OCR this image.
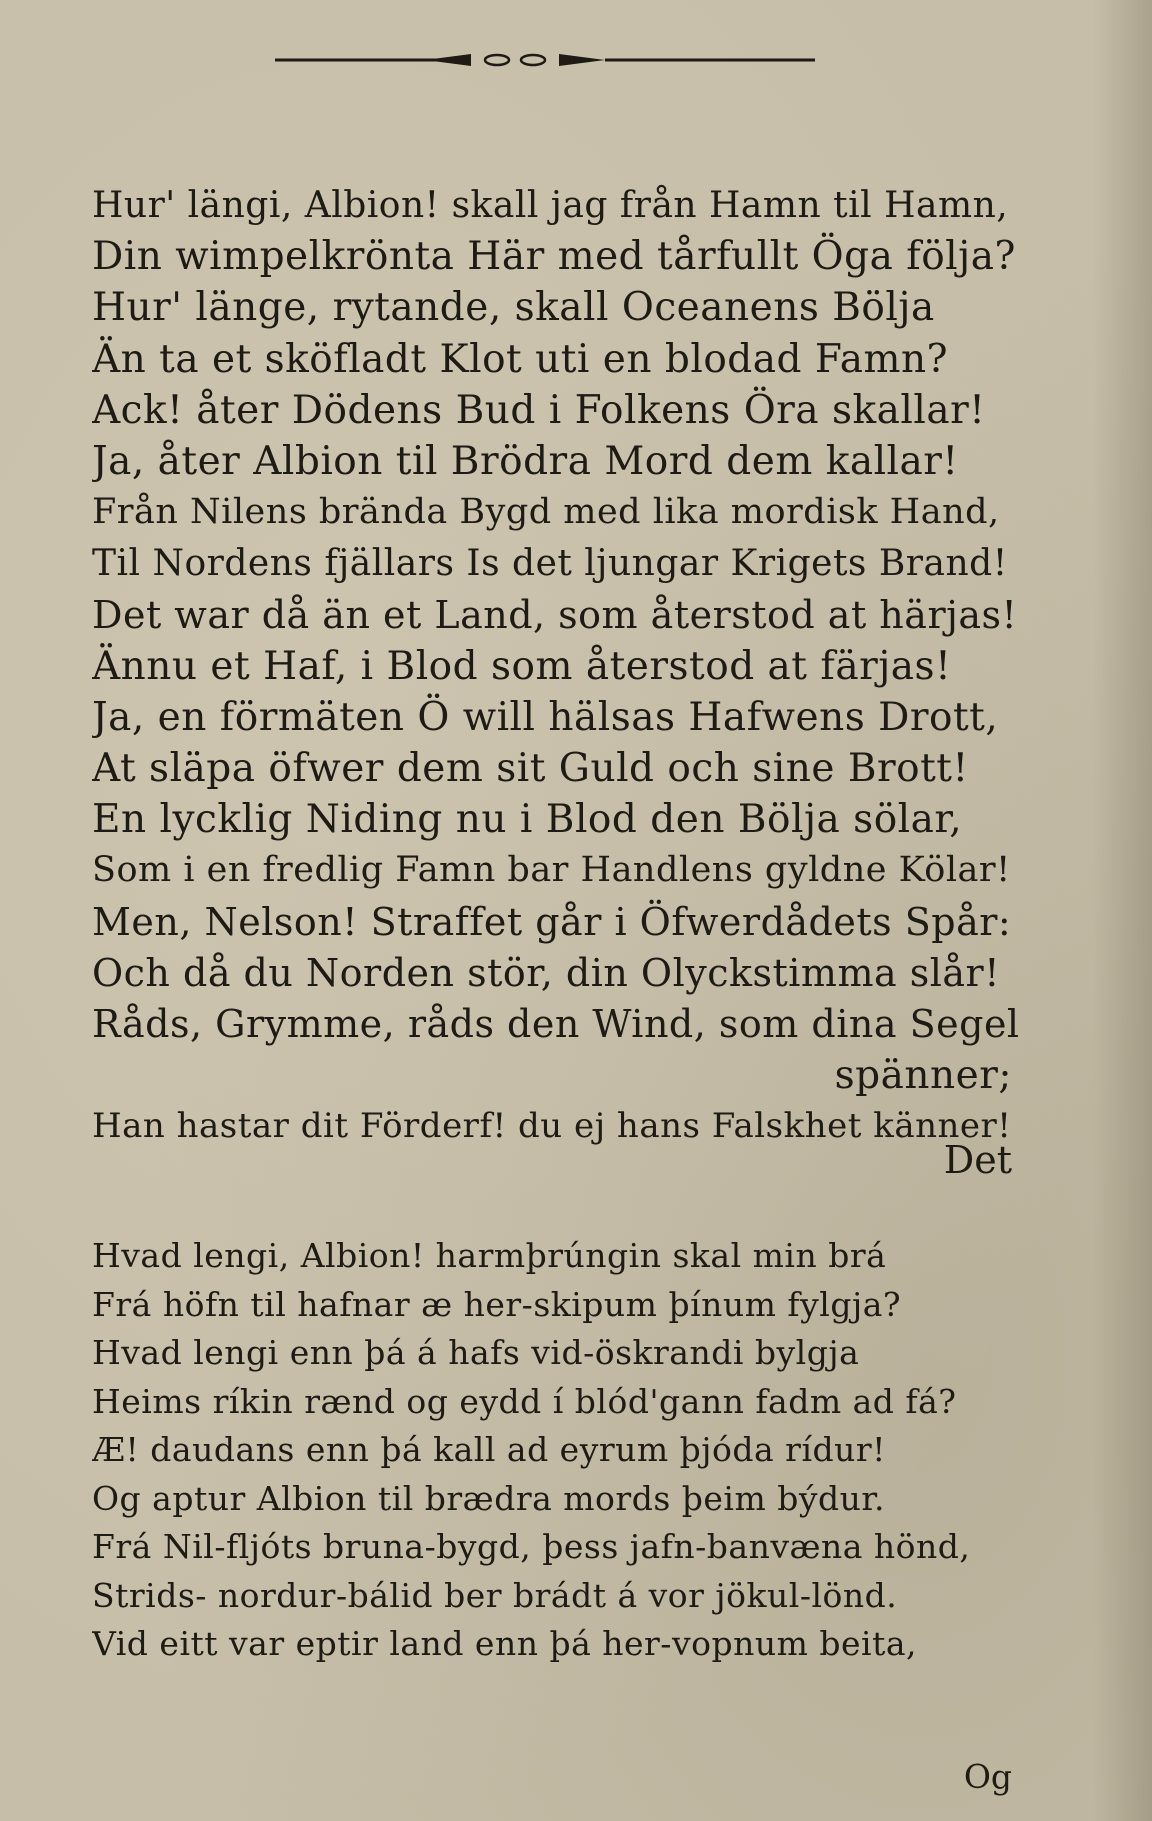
Hur' längi, Albion! skall jag från Hamn til Hamn,
Din wimpelkrönta Här med tårfullt Öga följa?
Hur' länge, rytande, skall Oceanens Bölja
Än ta et sköfladt Klot uti en blodad Famn?
Ack! åter Dödens Bud i Folkens Öra skallar!
Ja, åter Albion til Brödra Mord dem kallar!
Från Nilens brända Bygd med lika mordisk Hand,
Til Nordens fjällars Is det ljungar Krigets Brand!
Det war då än et Land, som återstod at härjas!
Ännu et Haf, i Blod som återstod at färjas!
Ja, en förmäten Ö will hälsas Hafwens Drott,
At släpa öfwer dem sit Guld och sine Brott!
En lycklig Niding nu i Blod den Bölja sölar,
Som i en fredlig Famn bar Handlens gyldne Kölar!
Men, Nelson! Straffet går i Öfwerdådets Spår:
Och då du Norden stör, din Olyckstimma slår!
Råds, Grymme, råds den Wind, som dina Segel
spänner;
Han hastar dit Förderf! du ej hans Falskhet känner!
Det
Hvad lengi, Albion! harmþrúngin skal min brá
Frá höfn til hafnar æ her-skipum þínum fylgja?
Hvad lengi enn þá á hafs vid-öskrandi bylgja
Heims ríkin rænd og eydd í blód'gann fadm ad fá?
Æ! daudans enn þá kall ad eyrum þjóda rídur!
Og aptur Albion til brædra mords þeim býdur.
Frá Nil-fljóts bruna-bygd, þess jafn-banvæna hönd,
Strids- nordur-bálid ber brádt á vor jökul-lönd.
Vid eitt var eptir land enn þá her-vopnum beita,
Og
